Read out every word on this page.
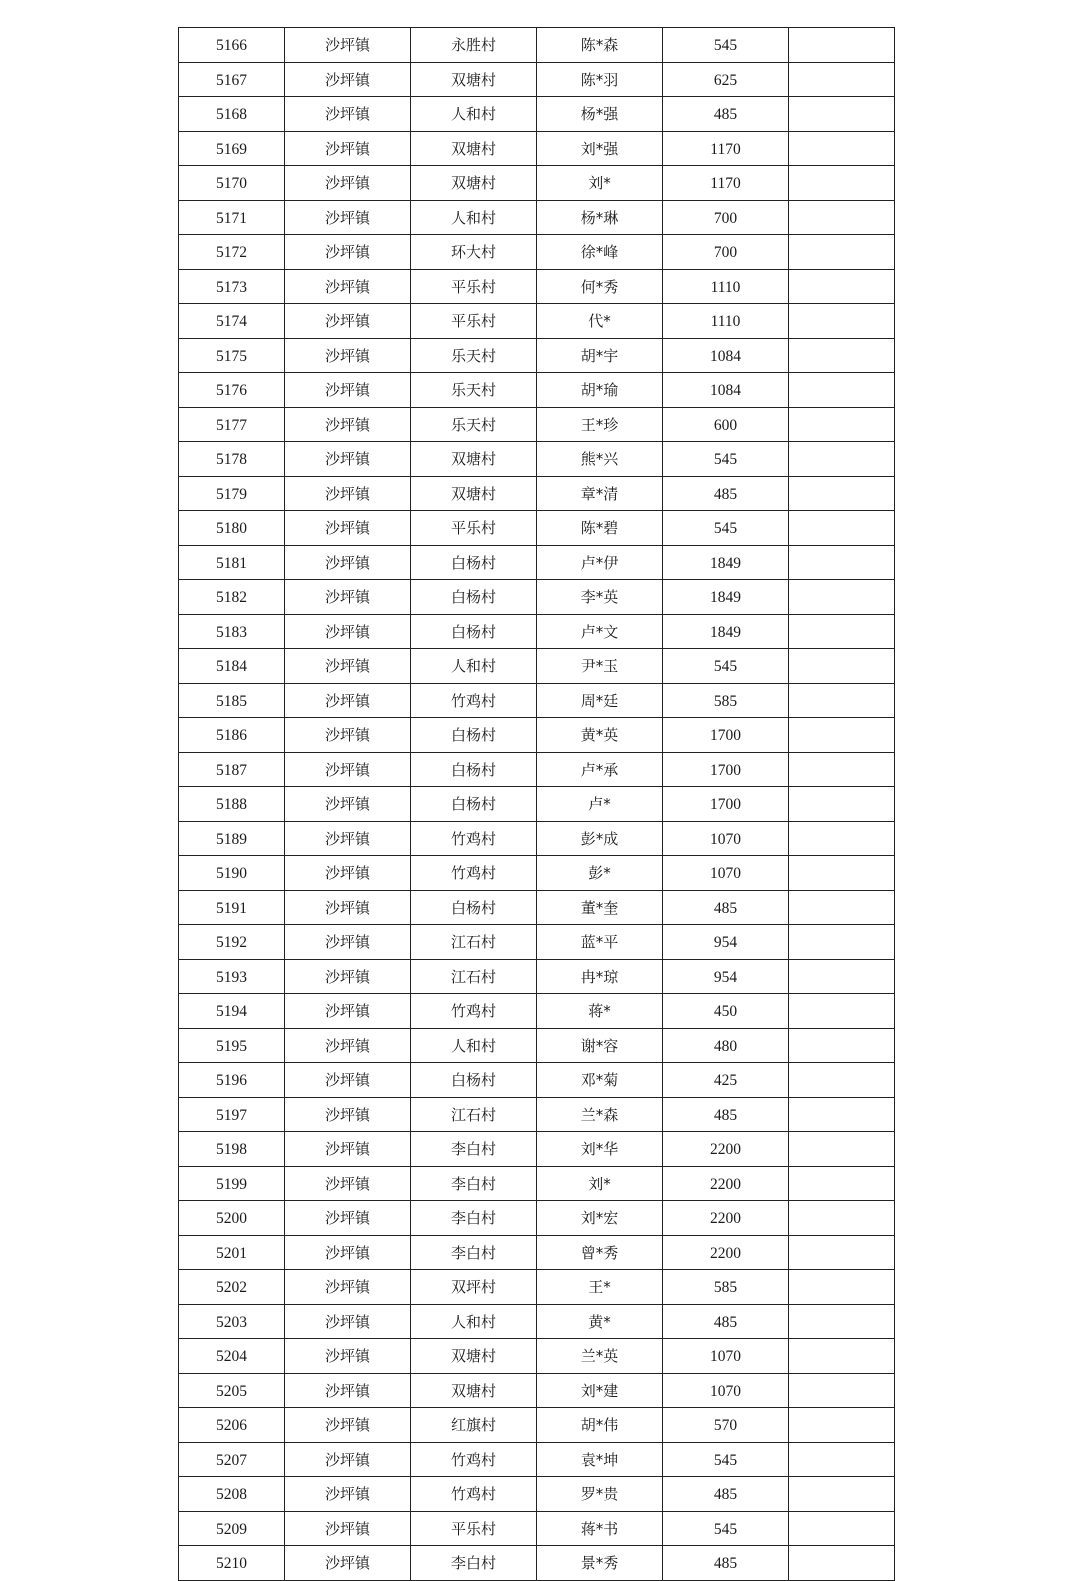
5166	沙坪镇	永胜村	陈*森	545	
5167	沙坪镇	双塘村	陈*羽	625	
5168	沙坪镇	人和村	杨*强	485	
5169	沙坪镇	双塘村	刘*强	1170	
5170	沙坪镇	双塘村	刘*	1170	
5171	沙坪镇	人和村	杨*琳	700	
5172	沙坪镇	环大村	徐*峰	700	
5173	沙坪镇	平乐村	何*秀	1110	
5174	沙坪镇	平乐村	代*	1110	
5175	沙坪镇	乐天村	胡*宇	1084	
5176	沙坪镇	乐天村	胡*瑜	1084	
5177	沙坪镇	乐天村	王*珍	600	
5178	沙坪镇	双塘村	熊*兴	545	
5179	沙坪镇	双塘村	章*清	485	
5180	沙坪镇	平乐村	陈*碧	545	
5181	沙坪镇	白杨村	卢*伊	1849	
5182	沙坪镇	白杨村	李*英	1849	
5183	沙坪镇	白杨村	卢*文	1849	
5184	沙坪镇	人和村	尹*玉	545	
5185	沙坪镇	竹鸡村	周*廷	585	
5186	沙坪镇	白杨村	黄*英	1700	
5187	沙坪镇	白杨村	卢*承	1700	
5188	沙坪镇	白杨村	卢*	1700	
5189	沙坪镇	竹鸡村	彭*成	1070	
5190	沙坪镇	竹鸡村	彭*	1070	
5191	沙坪镇	白杨村	董*奎	485	
5192	沙坪镇	江石村	蓝*平	954	
5193	沙坪镇	江石村	冉*琼	954	
5194	沙坪镇	竹鸡村	蒋*	450	
5195	沙坪镇	人和村	谢*容	480	
5196	沙坪镇	白杨村	邓*菊	425	
5197	沙坪镇	江石村	兰*森	485	
5198	沙坪镇	李白村	刘*华	2200	
5199	沙坪镇	李白村	刘*	2200	
5200	沙坪镇	李白村	刘*宏	2200	
5201	沙坪镇	李白村	曾*秀	2200	
5202	沙坪镇	双坪村	王*	585	
5203	沙坪镇	人和村	黄*	485	
5204	沙坪镇	双塘村	兰*英	1070	
5205	沙坪镇	双塘村	刘*建	1070	
5206	沙坪镇	红旗村	胡*伟	570	
5207	沙坪镇	竹鸡村	袁*坤	545	
5208	沙坪镇	竹鸡村	罗*贵	485	
5209	沙坪镇	平乐村	蒋*书	545	
5210	沙坪镇	李白村	景*秀	485	
